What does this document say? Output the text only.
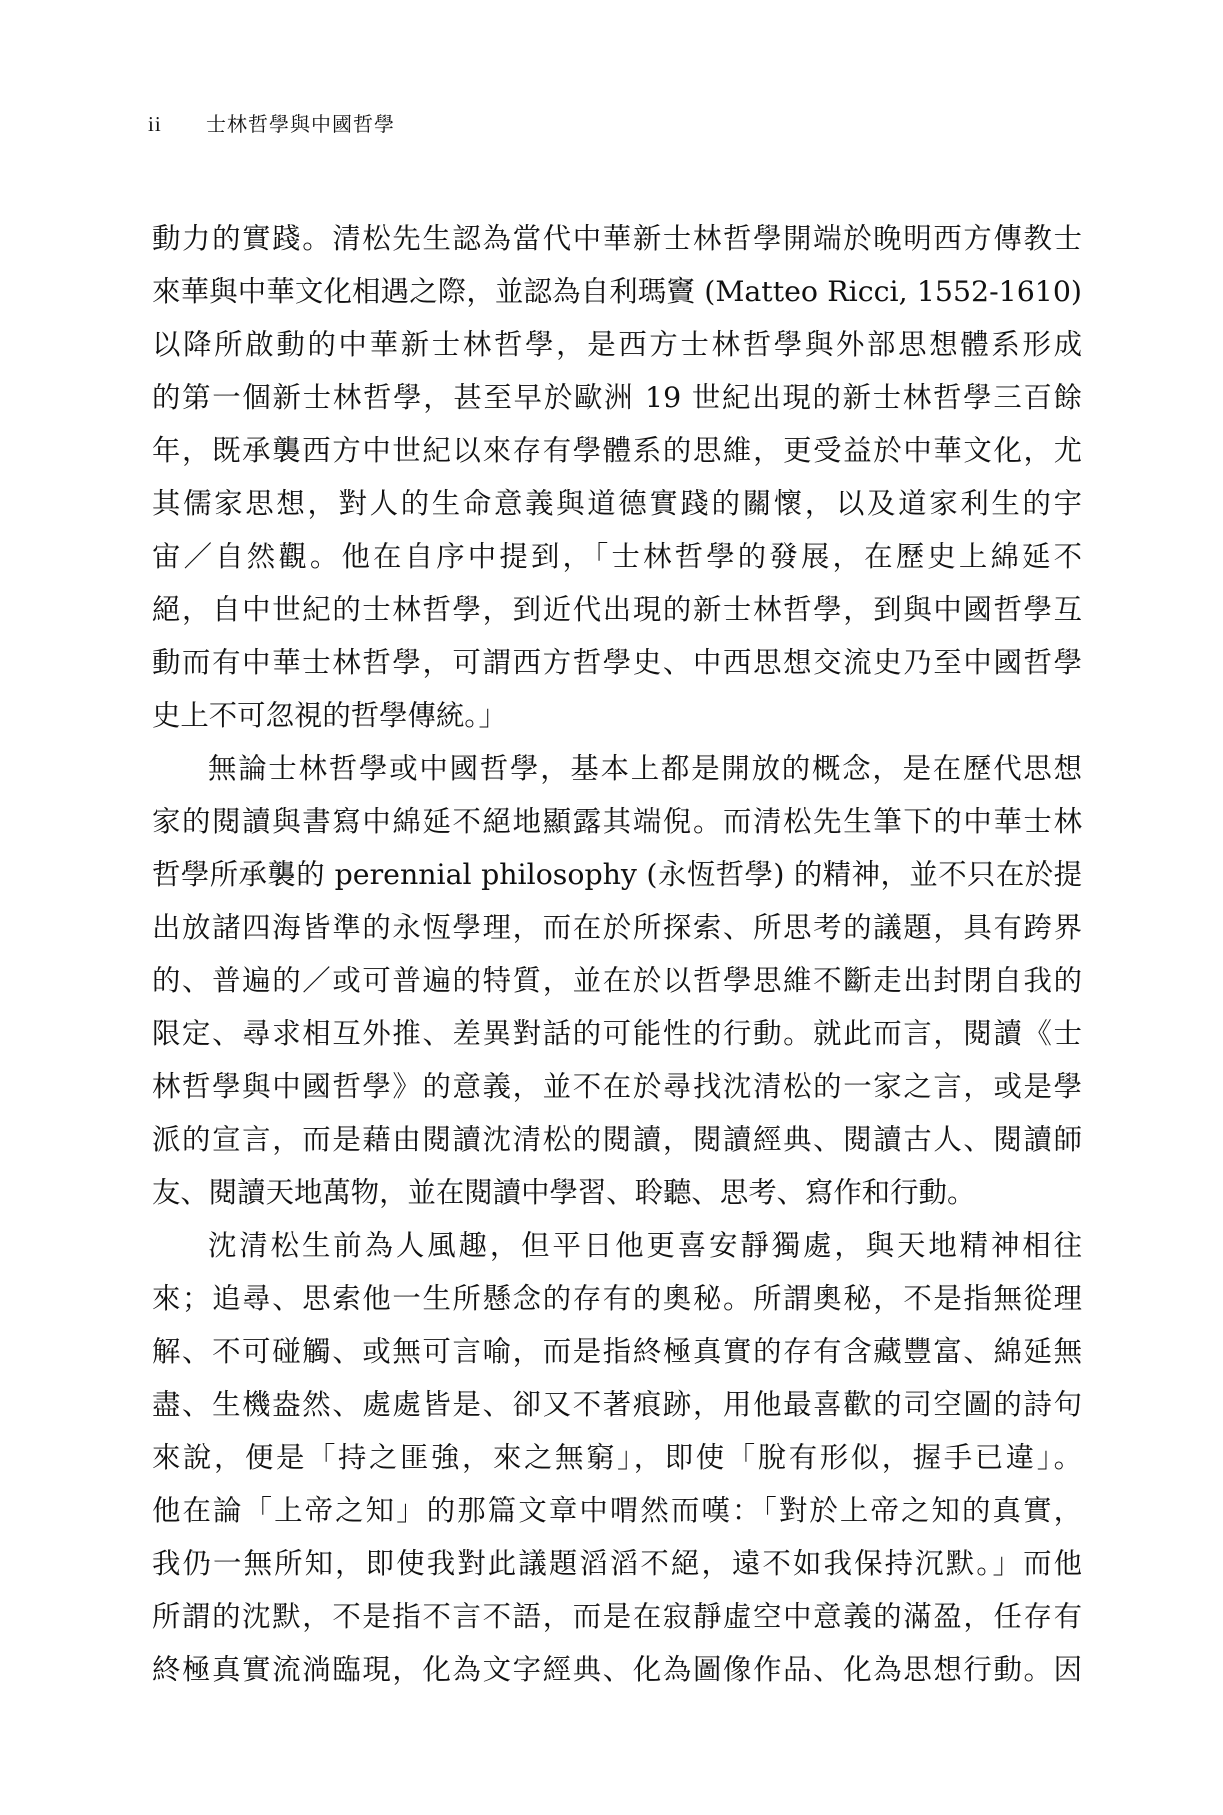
ii	士林哲學與中國哲學

動力的實踐。清松先生認為當代中華新士林哲學開端於晚明西方傳教士
來華與中華文化相遇之際，並認為自利瑪竇 (Matteo Ricci, 1552-1610)
以降所啟動的中華新士林哲學，是西方士林哲學與外部思想體系形成
的第一個新士林哲學，甚至早於歐洲 19 世紀出現的新士林哲學三百餘
年，既承襲西方中世紀以來存有學體系的思維，更受益於中華文化，尤
其儒家思想，對人的生命意義與道德實踐的關懷，以及道家利生的宇
宙／自然觀。他在自序中提到，「士林哲學的發展，在歷史上綿延不
絕，自中世紀的士林哲學，到近代出現的新士林哲學，到與中國哲學互
動而有中華士林哲學，可謂西方哲學史、中西思想交流史乃至中國哲學
史上不可忽視的哲學傳統。」

無論士林哲學或中國哲學，基本上都是開放的概念，是在歷代思想
家的閱讀與書寫中綿延不絕地顯露其端倪。而清松先生筆下的中華士林
哲學所承襲的 perennial philosophy (永恆哲學) 的精神，並不只在於提
出放諸四海皆準的永恆學理，而在於所探索、所思考的議題，具有跨界
的、普遍的／或可普遍的特質，並在於以哲學思維不斷走出封閉自我的
限定、尋求相互外推、差異對話的可能性的行動。就此而言，閱讀《士
林哲學與中國哲學》的意義，並不在於尋找沈清松的一家之言，或是學
派的宣言，而是藉由閱讀沈清松的閱讀，閱讀經典、閱讀古人、閱讀師
友、閱讀天地萬物，並在閱讀中學習、聆聽、思考、寫作和行動。

沈清松生前為人風趣，但平日他更喜安靜獨處，與天地精神相往
來；追尋、思索他一生所懸念的存有的奧秘。所謂奧秘，不是指無從理
解、不可碰觸、或無可言喻，而是指終極真實的存有含藏豐富、綿延無
盡、生機盎然、處處皆是、卻又不著痕跡，用他最喜歡的司空圖的詩句
來說，便是「持之匪強，來之無窮」，即使「脫有形似，握手已違」。
他在論「上帝之知」的那篇文章中喟然而嘆：「對於上帝之知的真實，
我仍一無所知，即使我對此議題滔滔不絕，遠不如我保持沉默。」而他
所謂的沈默，不是指不言不語，而是在寂靜虛空中意義的滿盈，任存有
終極真實流淌臨現，化為文字經典、化為圖像作品、化為思想行動。因
